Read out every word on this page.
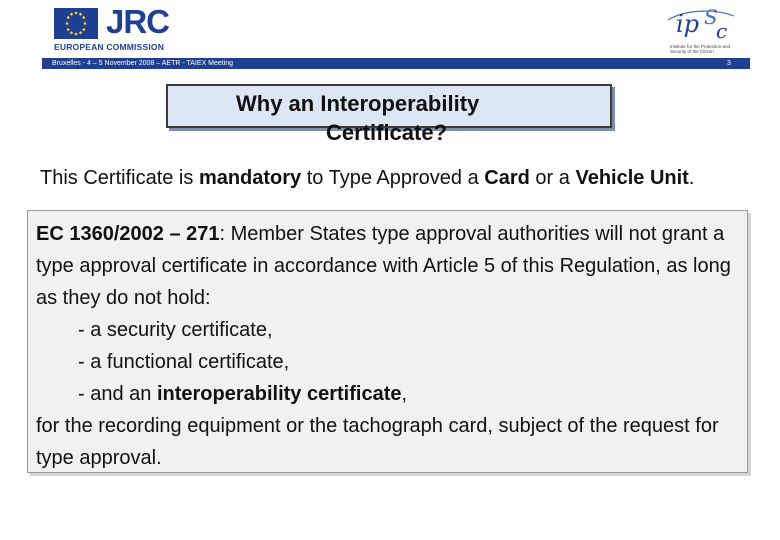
JRC
EUROPEAN COMMISSION
ip S
c
Institute for the Protection and Security of the Citizen
Bruxelles - 4 – 5 November 2008 – AETR - TAIEX Meeting	3
Why an Interoperability
Certificate?
This Certificate is mandatory to Type Approved a Card or a Vehicle Unit.
EC 1360/2002 – 271: Member States type approval authorities will not grant a type approval certificate in accordance with Article 5 of this Regulation, as long as they do not hold:
- a security certificate,
- a functional certificate,
- and an interoperability certificate,
for the recording equipment or the tachograph card, subject of the request for type approval.
